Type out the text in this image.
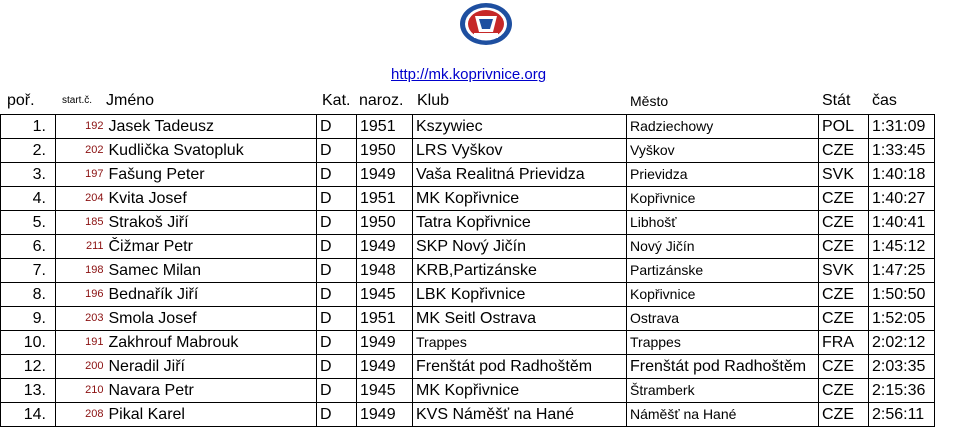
http://mk.koprivnice.org
poř.	start.č. Jméno	Kat. naroz. Klub	Město	Stát čas
1.	192	Jasek Tadeusz	D	1951	Kszywiec	Radziechowy	POL	1:31:09
2.	202	Kudlička Svatopluk	D	1950	LRS Vyškov	Vyškov	CZE	1:33:45
3.	197	Fašung Peter	D	1949	Vaša Realitná Prievidza	Prievidza	SVK	1:40:18
4.	204	Kvita Josef	D	1951	MK Kopřivnice	Kopřivnice	CZE	1:40:27
5.	185	Strakoš Jiří	D	1950	Tatra Kopřivnice	Libhošť	CZE	1:40:41
6.	211	Čižmar Petr	D	1949	SKP Nový Jičín	Nový Jičín	CZE	1:45:12
7.	198	Samec Milan	D	1948	KRB,Partizánske	Partizánske	SVK	1:47:25
8.	196	Bednařík Jiří	D	1945	LBK Kopřivnice	Kopřivnice	CZE	1:50:50
9.	203	Smola Josef	D	1951	MK Seitl Ostrava	Ostrava	CZE	1:52:05
10.	191	Zakhrouf Mabrouk	D	1949	Trappes	Trappes	FRA	2:02:12
12.	200	Neradil Jiří	D	1949	Frenštát pod Radhoštěm	Frenštát pod Radhoštěm	CZE	2:03:35
13.	210	Navara Petr	D	1945	MK Kopřivnice	Štramberk	CZE	2:15:36
14.	208	Pikal Karel	D	1949	KVS Náměšť na Hané	Náměšť na Hané	CZE	2:56:11
